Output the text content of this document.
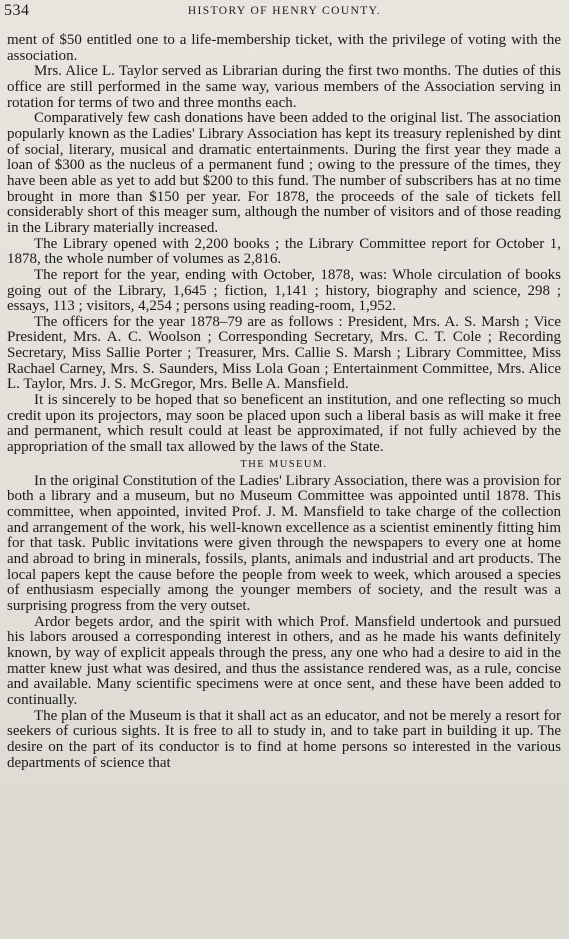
534	HISTORY OF HENRY COUNTY.

ment of $50 entitled one to a life-membership ticket, with the privilege of voting with the association.

Mrs. Alice L. Taylor served as Librarian during the first two months. The duties of this office are still performed in the same way, various members of the Association serving in rotation for terms of two and three months each.

Comparatively few cash donations have been added to the original list. The association popularly known as the Ladies' Library Association has kept its treasury replenished by dint of social, literary, musical and dramatic entertainments. During the first year they made a loan of $300 as the nucleus of a permanent fund ; owing to the pressure of the times, they have been able as yet to add but $200 to this fund. The number of subscribers has at no time brought in more than $150 per year. For 1878, the proceeds of the sale of tickets fell considerably short of this meager sum, although the number of visitors and of those reading in the Library materially increased.

The Library opened with 2,200 books ; the Library Committee report for October 1, 1878, the whole number of volumes as 2,816.

The report for the year, ending with October, 1878, was: Whole circulation of books going out of the Library, 1,645 ; fiction, 1,141 ; history, biography and science, 298 ; essays, 113 ; visitors, 4,254 ; persons using reading-room, 1,952.

The officers for the year 1878–79 are as follows : President, Mrs. A. S. Marsh ; Vice President, Mrs. A. C. Woolson ; Corresponding Secretary, Mrs. C. T. Cole ; Recording Secretary, Miss Sallie Porter ; Treasurer, Mrs. Callie S. Marsh ; Library Committee, Miss Rachael Carney, Mrs. S. Saunders, Miss Lola Goan ; Entertainment Committee, Mrs. Alice L. Taylor, Mrs. J. S. McGregor, Mrs. Belle A. Mansfield.

It is sincerely to be hoped that so beneficent an institution, and one reflecting so much credit upon its projectors, may soon be placed upon such a liberal basis as will make it free and permanent, which result could at least be approximated, if not fully achieved by the appropriation of the small tax allowed by the laws of the State.

THE MUSEUM.

In the original Constitution of the Ladies' Library Association, there was a provision for both a library and a museum, but no Museum Committee was appointed until 1878. This committee, when appointed, invited Prof. J. M. Mansfield to take charge of the collection and arrangement of the work, his well-known excellence as a scientist eminently fitting him for that task. Public invitations were given through the newspapers to every one at home and abroad to bring in minerals, fossils, plants, animals and industrial and art products. The local papers kept the cause before the people from week to week, which aroused a species of enthusiasm especially among the younger members of society, and the result was a surprising progress from the very outset.

Ardor begets ardor, and the spirit with which Prof. Mansfield undertook and pursued his labors aroused a corresponding interest in others, and as he made his wants definitely known, by way of explicit appeals through the press, any one who had a desire to aid in the matter knew just what was desired, and thus the assistance rendered was, as a rule, concise and available. Many scientific specimens were at once sent, and these have been added to continually.

The plan of the Museum is that it shall act as an educator, and not be merely a resort for seekers of curious sights. It is free to all to study in, and to take part in building it up. The desire on the part of its conductor is to find at home persons so interested in the various departments of science that
